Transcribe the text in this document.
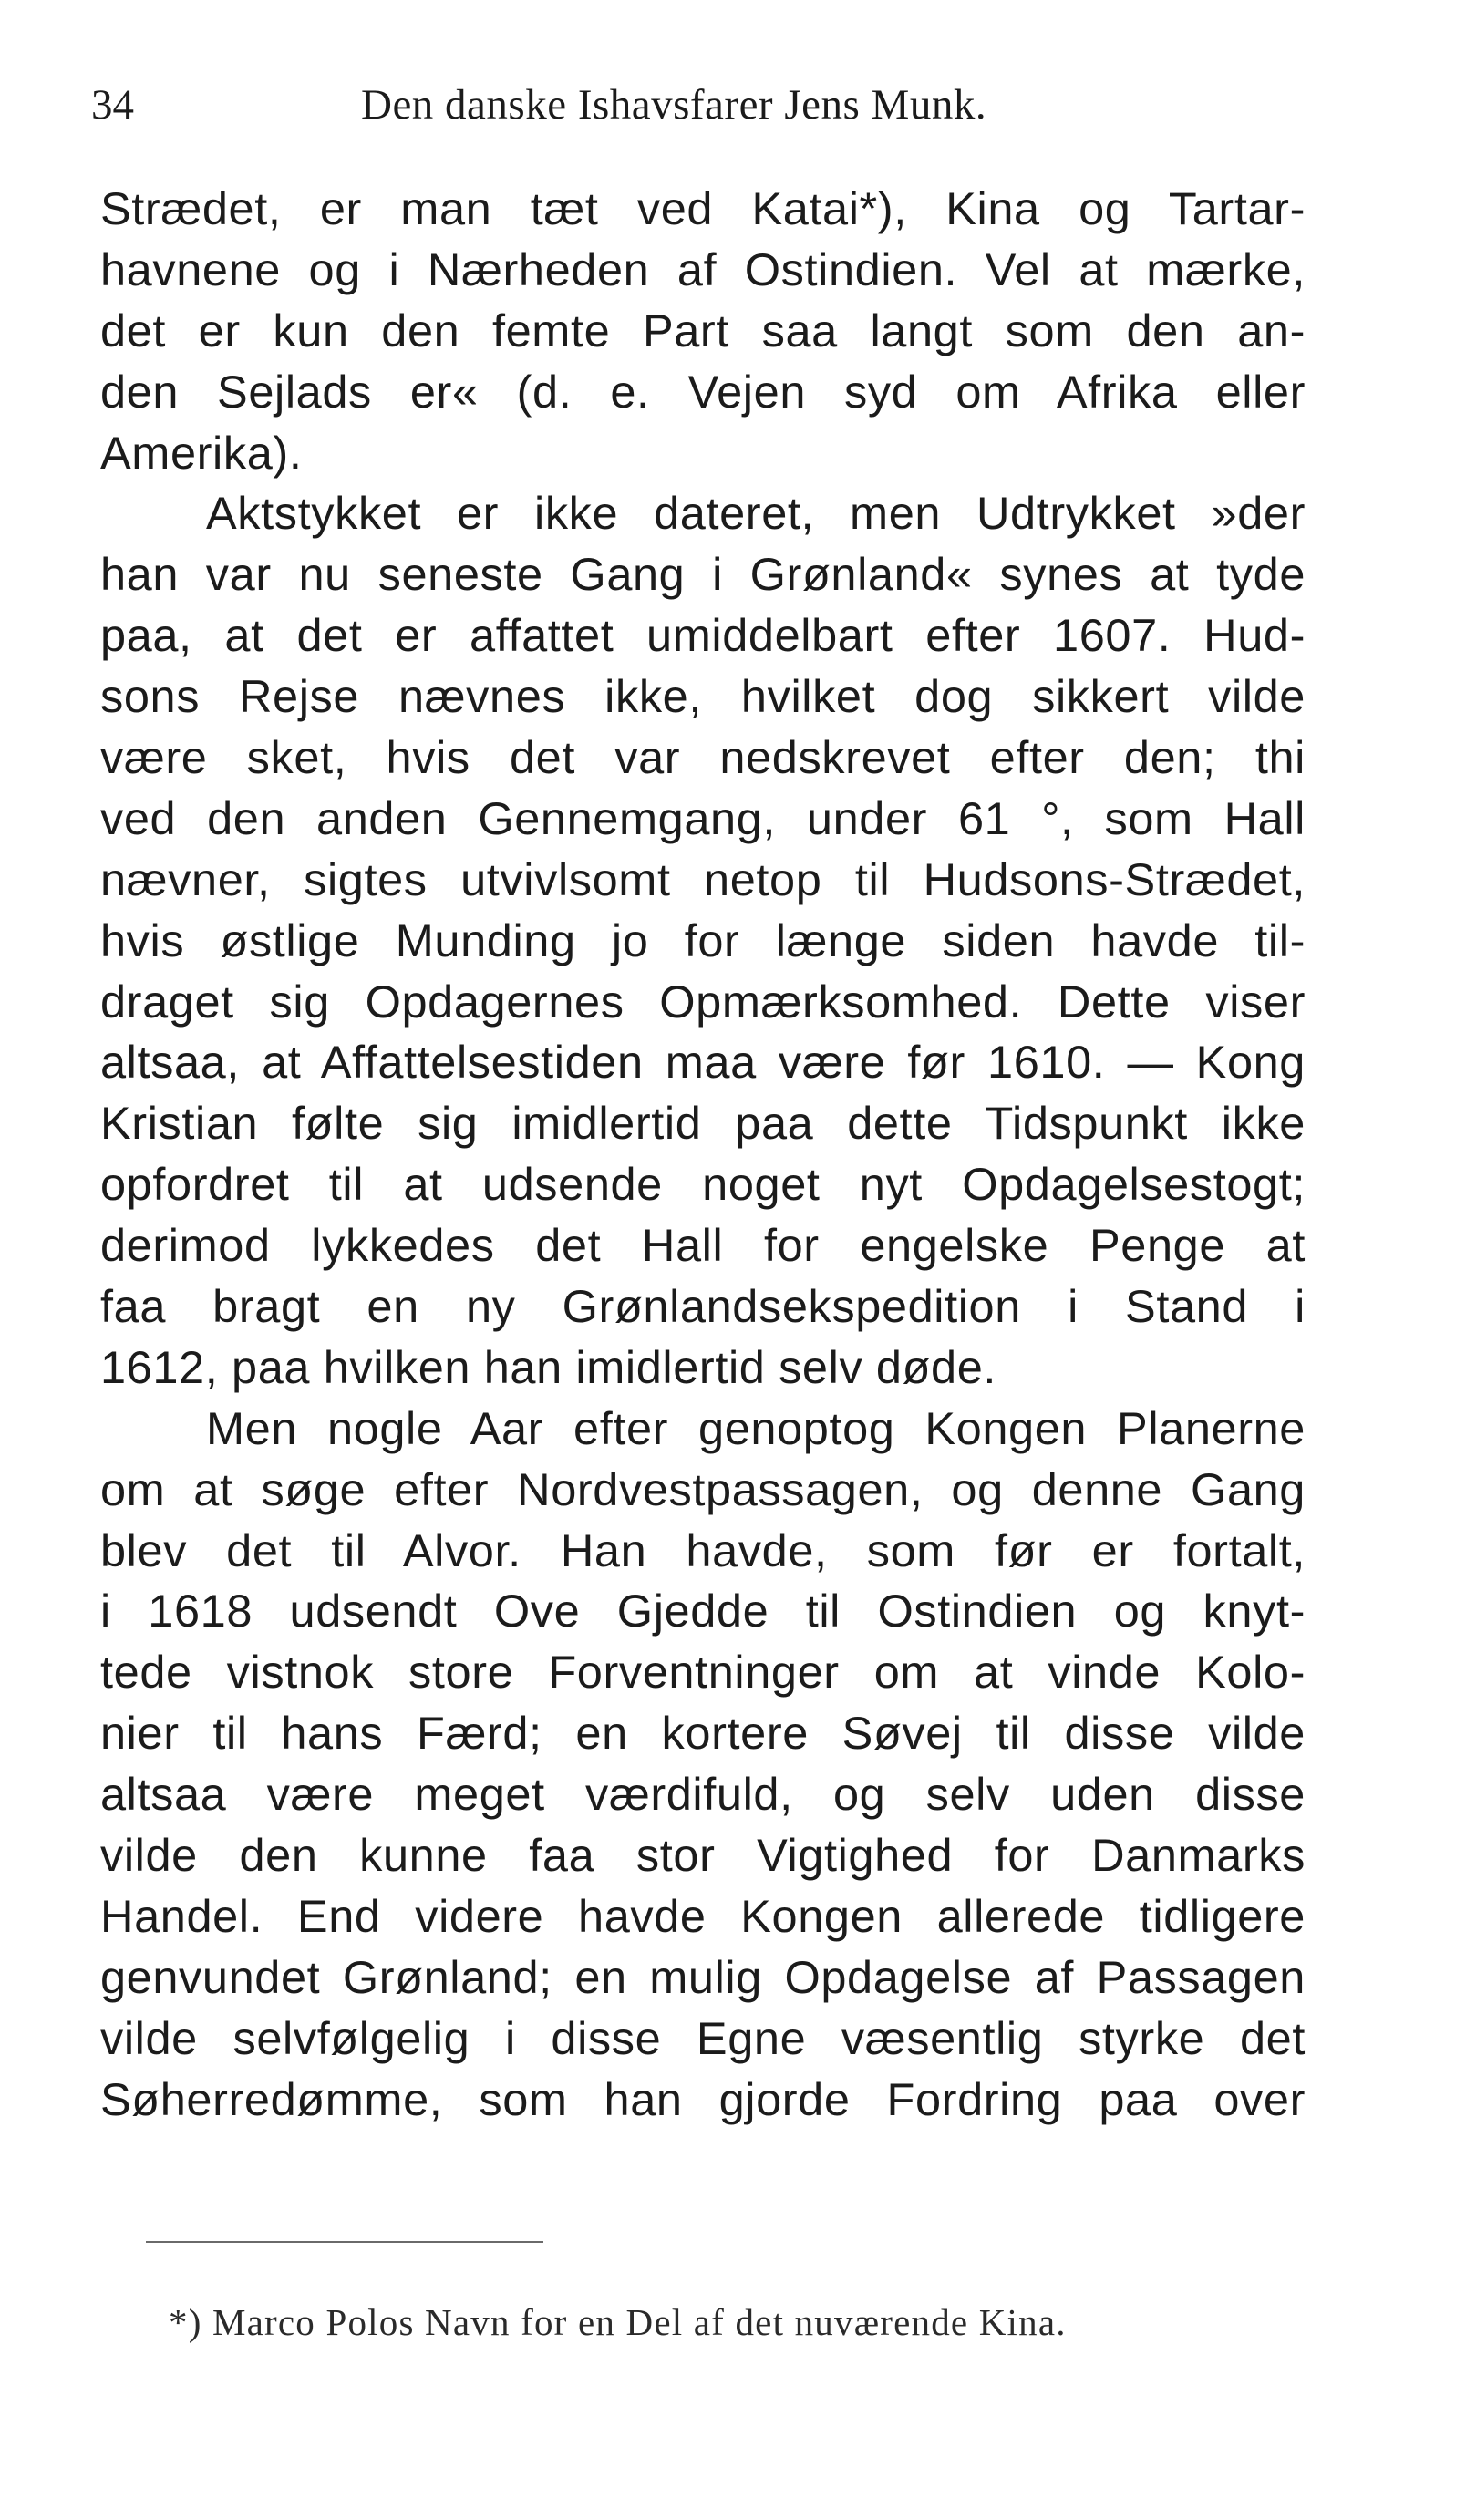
34	Den danske Ishavsfarer Jens Munk.
Strædet, er man tæt ved Katai*), Kina og Tartar-
havnene og i Nærheden af Ostindien. Vel at mærke,
det er kun den femte Part saa langt som den an-
den Sejlads er« (d. e. Vejen syd om Afrika eller
Amerika).
Aktstykket er ikke dateret, men Udtrykket »der
han var nu seneste Gang i Grønland« synes at tyde
paa, at det er affattet umiddelbart efter 1607. Hud-
sons Rejse nævnes ikke, hvilket dog sikkert vilde
være sket, hvis det var nedskrevet efter den; thi
ved den anden Gennemgang, under 61 °, som Hall
nævner, sigtes utvivlsomt netop til Hudsons-Strædet,
hvis østlige Munding jo for længe siden havde til-
draget sig Opdagernes Opmærksomhed. Dette viser
altsaa, at Affattelsestiden maa være før 1610. — Kong
Kristian følte sig imidlertid paa dette Tidspunkt ikke
opfordret til at udsende noget nyt Opdagelsestogt;
derimod lykkedes det Hall for engelske Penge at
faa bragt en ny Grønlandsekspedition i Stand i
1612, paa hvilken han imidlertid selv døde.
Men nogle Aar efter genoptog Kongen Planerne
om at søge efter Nordvestpassagen, og denne Gang
blev det til Alvor. Han havde, som før er fortalt,
i 1618 udsendt Ove Gjedde til Ostindien og knyt-
tede vistnok store Forventninger om at vinde Kolo-
nier til hans Færd; en kortere Søvej til disse vilde
altsaa være meget værdifuld, og selv uden disse
vilde den kunne faa stor Vigtighed for Danmarks
Handel. End videre havde Kongen allerede tidligere
genvundet Grønland; en mulig Opdagelse af Passagen
vilde selvfølgelig i disse Egne væsentlig styrke det
Søherredømme, som han gjorde Fordring paa over
*) Marco Polos Navn for en Del af det nuværende Kina.
